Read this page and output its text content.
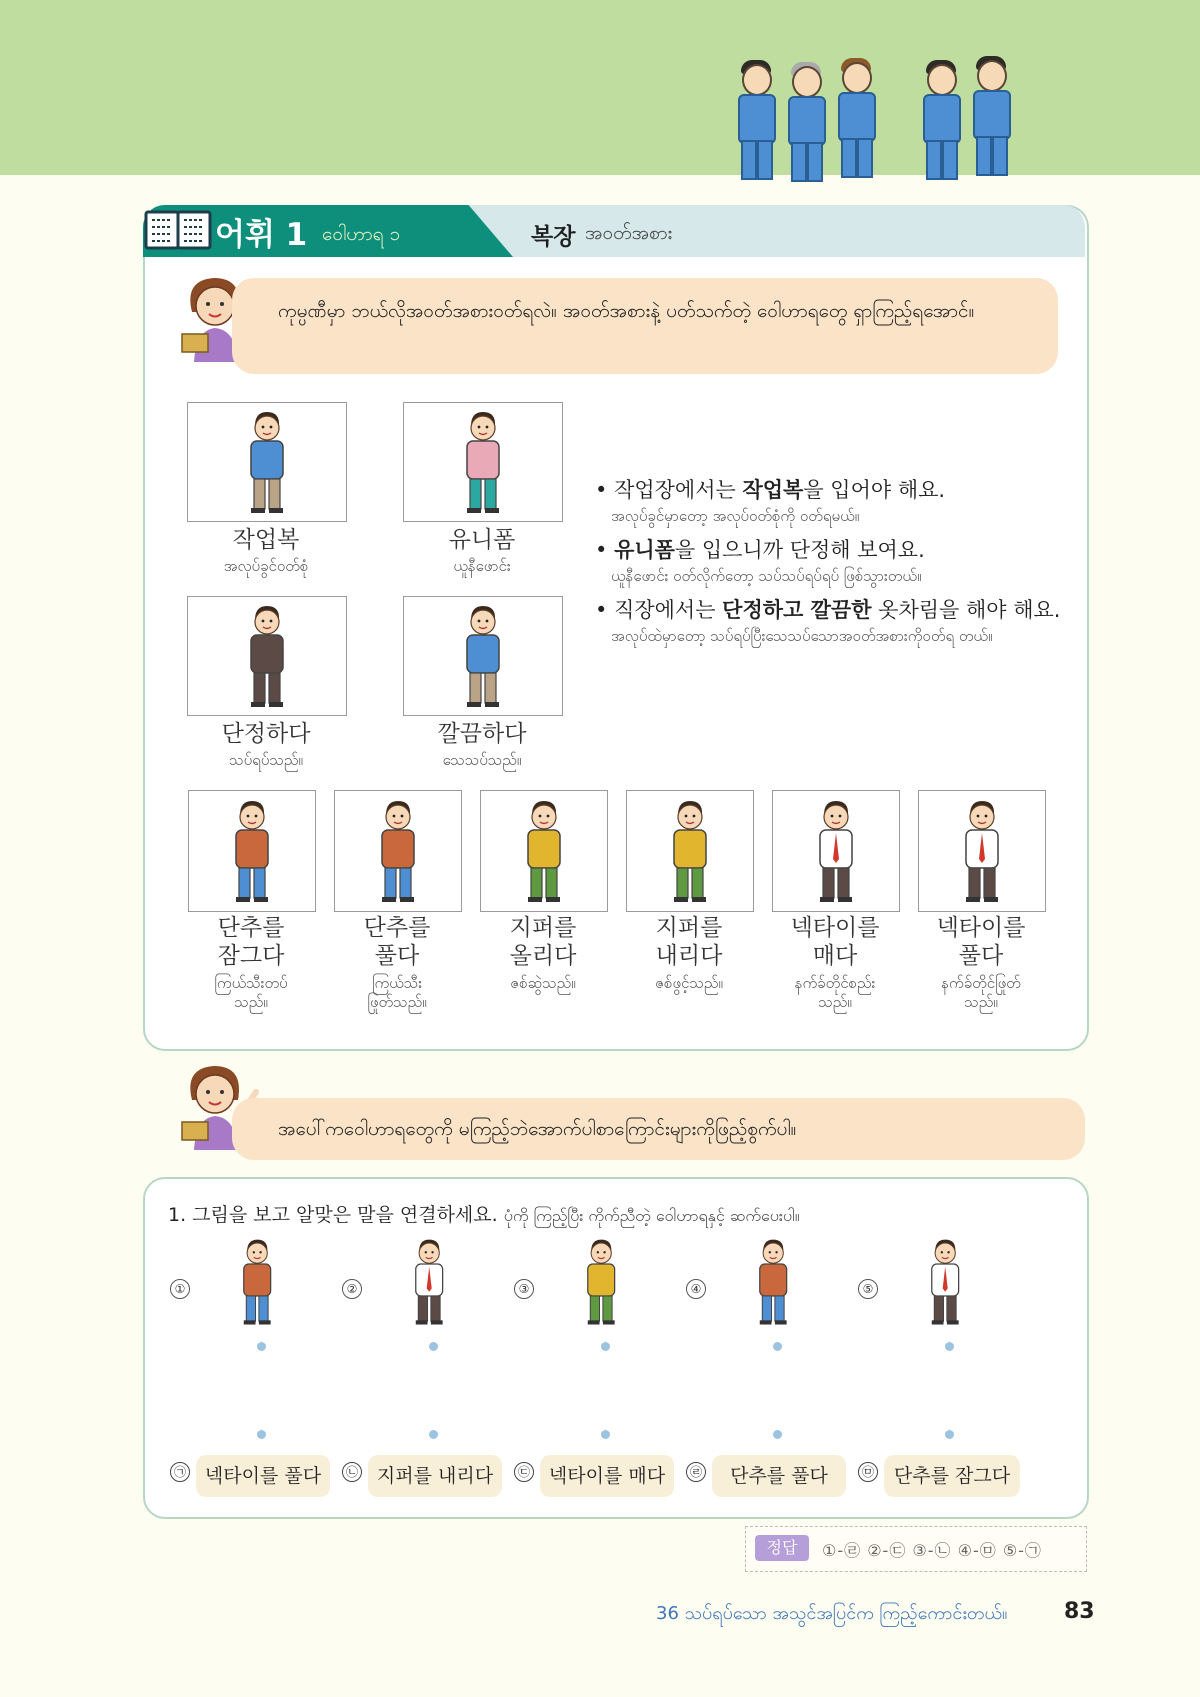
어휘 1 ဝေါဟာရ ၁	복장 အဝတ်အစား
ကုမ္ပဏီမှာ ဘယ်လိုအဝတ်အစားဝတ်ရလဲ။ အဝတ်အစားနဲ့ ပတ်သက်တဲ့ ဝေါဟာရတွေ ရှာကြည့်ရအောင်။
작업복
အလုပ်ခွင်ဝတ်စုံ
유니폼
ယူနီဖောင်း
단정하다
သပ်ရပ်သည်။
깔끔하다
သေသပ်သည်။

• 작업장에서는 작업복을 입어야 해요.

အလုပ်ခွင်မှာတော့ အလုပ်ဝတ်စုံကို ဝတ်ရမယ်။

• 유니폼을 입으니까 단정해 보여요.

ယူနီဖောင်း ဝတ်လိုက်တော့ သပ်သပ်ရပ်ရပ် ဖြစ်သွားတယ်။

• 직장에서는 단정하고 깔끔한 옷차림을 해야 해요.

အလုပ်ထဲမှာတော့ သပ်ရပ်ပြီးသေသပ်သောအဝတ်အစားကိုဝတ်ရ တယ်။

단추를
잠그다
ကြယ်သီးတပ်
သည်။
단추를
풀다
ကြယ်သီး
ဖြုတ်သည်။
지퍼를
올리다
ဇစ်ဆွဲသည်။
지퍼를
내리다
ဇစ်ဖွင့်သည်။
넥타이를
매다
နက်ခ်တိုင်စည်း
သည်။
넥타이를
풀다
နက်ခ်တိုင်ဖြုတ်
သည်။
အပေါ်ကဝေါဟာရတွေကို မကြည့်ဘဲအောက်ပါစာကြောင်းများကိုဖြည့်စွက်ပါ။
1. 그림을 보고 알맞은 말을 연결하세요. ပုံကို ကြည့်ပြီး ကိုက်ညီတဲ့ ဝေါဟာရနှင့် ဆက်ပေးပါ။
①
㉠ 넥타이를 풀다
②
㉡ 지퍼를 내리다
③
㉢ 넥타이를 매다
④
㉣	단추를 풀다
⑤
㉤	단추를 잠그다
정답	①-㉣ ②-㉢ ③-㉡ ④-㉤ ⑤-㉠
36 သပ်ရပ်သော အသွင်အပြင်က ကြည့်ကောင်းတယ်။	83
